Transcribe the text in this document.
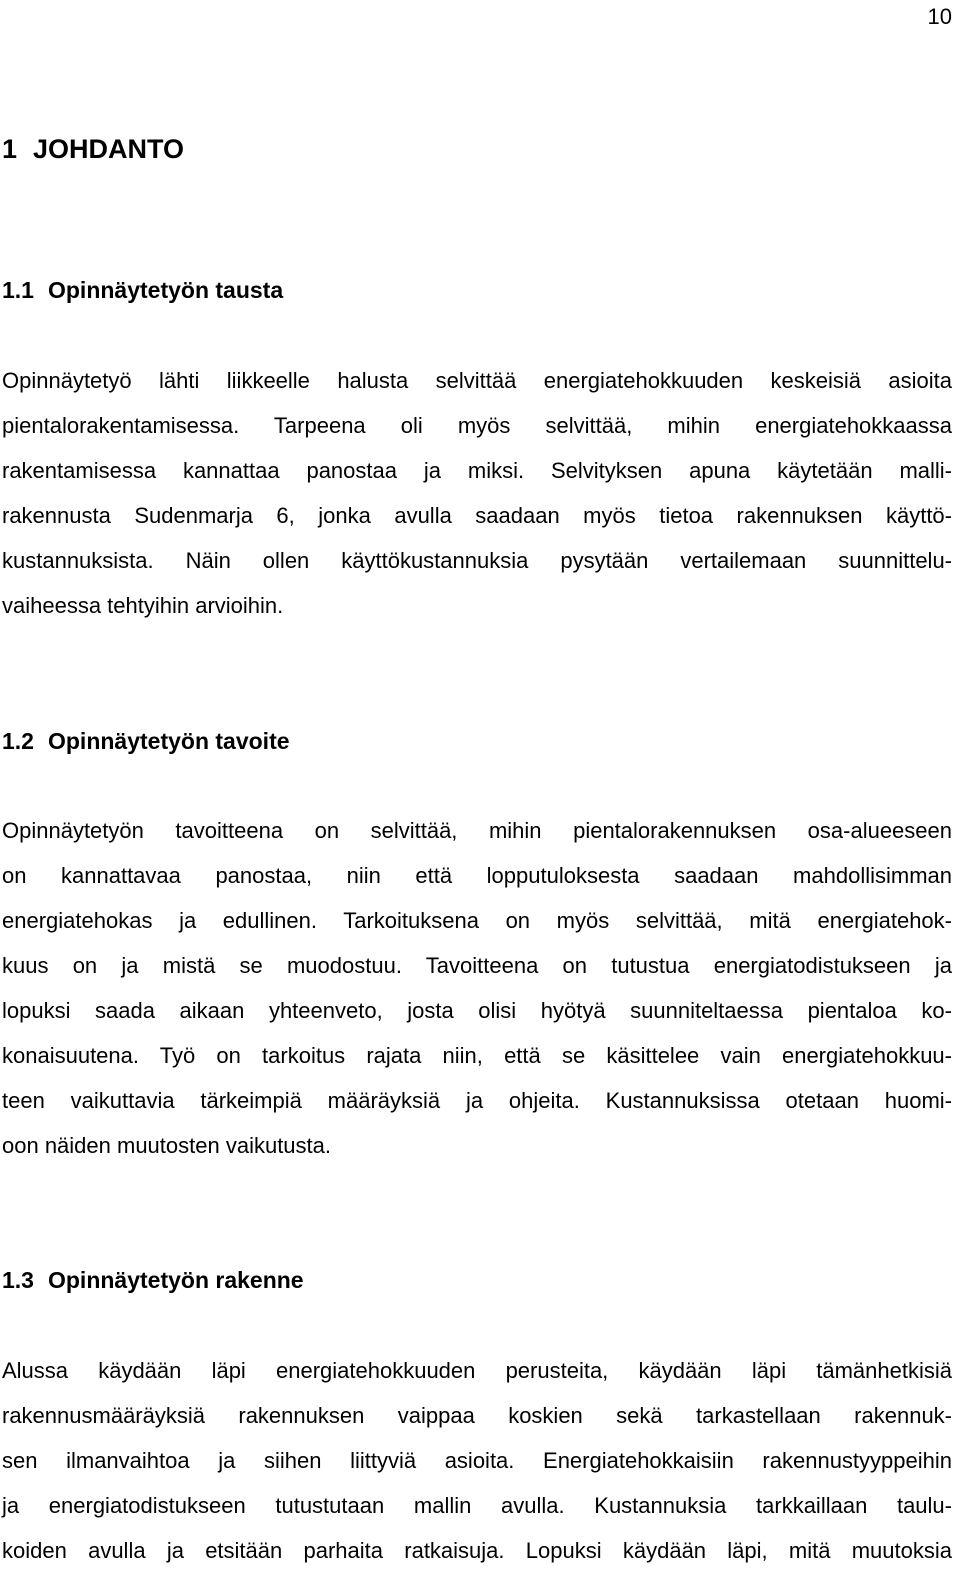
10
1 JOHDANTO
1.1 Opinnäytetyön tausta
Opinnäytetyö lähti liikkeelle halusta selvittää energiatehokkuuden keskeisiä asioita
pientalorakentamisessa. Tarpeena oli myös selvittää, mihin energiatehokkaassa
rakentamisessa kannattaa panostaa ja miksi. Selvityksen apuna käytetään malli-
rakennusta Sudenmarja 6, jonka avulla saadaan myös tietoa rakennuksen käyttö-
kustannuksista. Näin ollen käyttökustannuksia pysytään vertailemaan suunnittelu-
vaiheessa tehtyihin arvioihin.
1.2 Opinnäytetyön tavoite
Opinnäytetyön tavoitteena on selvittää, mihin pientalorakennuksen osa-alueeseen
on kannattavaa panostaa, niin että lopputuloksesta saadaan mahdollisimman
energiatehokas ja edullinen. Tarkoituksena on myös selvittää, mitä energiatehok-
kuus on ja mistä se muodostuu. Tavoitteena on tutustua energiatodistukseen ja
lopuksi saada aikaan yhteenveto, josta olisi hyötyä suunniteltaessa pientaloa ko-
konaisuutena. Työ on tarkoitus rajata niin, että se käsittelee vain energiatehokkuu-
teen vaikuttavia tärkeimpiä määräyksiä ja ohjeita. Kustannuksissa otetaan huomi-
oon näiden muutosten vaikutusta.
1.3 Opinnäytetyön rakenne
Alussa käydään läpi energiatehokkuuden perusteita, käydään läpi tämänhetkisiä
rakennusmääräyksiä rakennuksen vaippaa koskien sekä tarkastellaan rakennuk-
sen ilmanvaihtoa ja siihen liittyviä asioita. Energiatehokkaisiin rakennustyyppeihin
ja energiatodistukseen tutustutaan mallin avulla. Kustannuksia tarkkaillaan taulu-
koiden avulla ja etsitään parhaita ratkaisuja. Lopuksi käydään läpi, mitä muutoksia
